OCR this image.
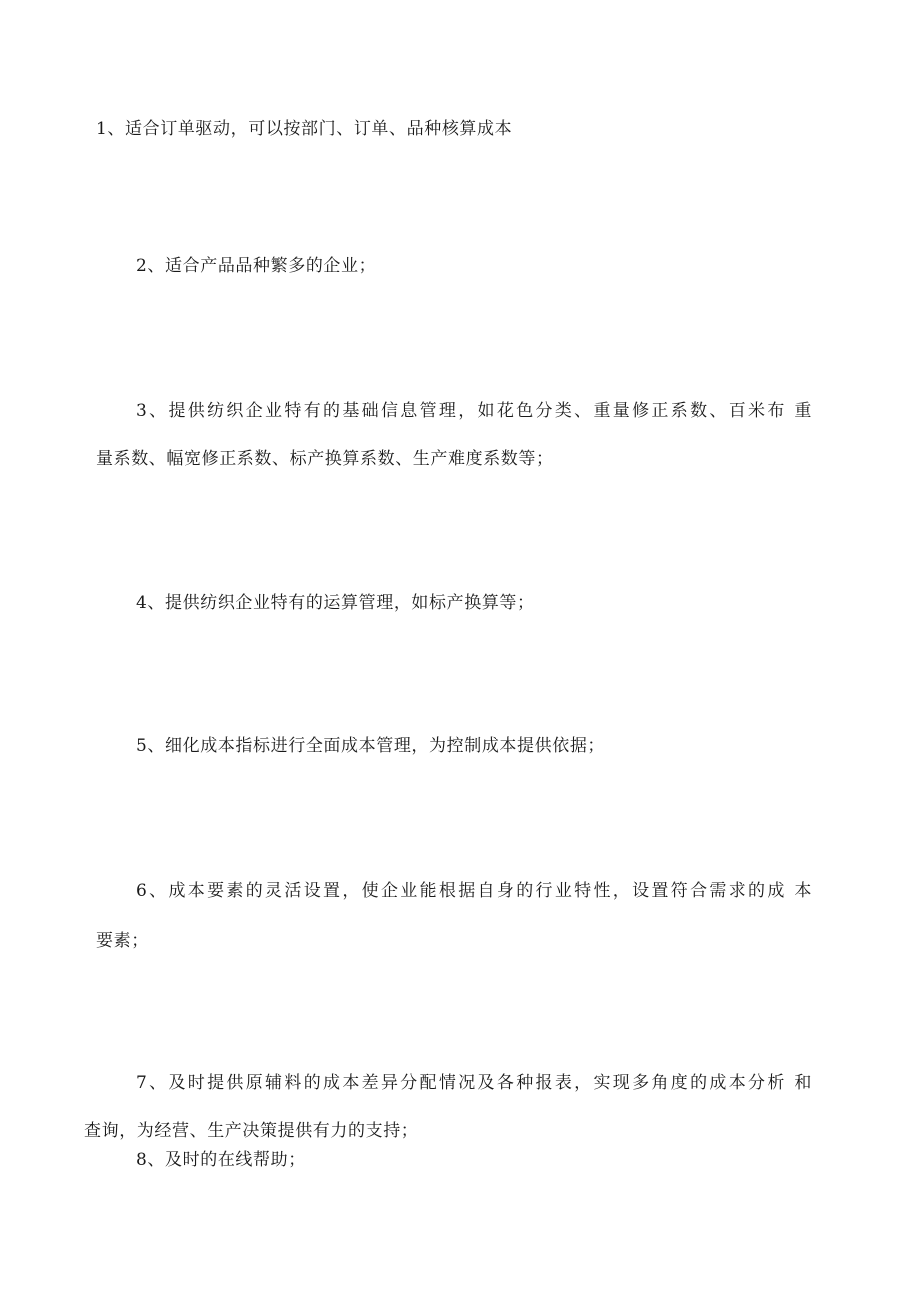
1、适合订单驱动，可以按部门、订单、品种核算成本
2、适合产品品种繁多的企业；
3、提供纺织企业特有的基础信息管理，如花色分类、重量修正系数、百米布 重
量系数、幅宽修正系数、标产换算系数、生产难度系数等；
4、提供纺织企业特有的运算管理，如标产换算等；
5、细化成本指标进行全面成本管理，为控制成本提供依据；
6、成本要素的灵活设置，使企业能根据自身的行业特性，设置符合需求的成 本
要素；
7、及时提供原辅料的成本差异分配情况及各种报表，实现多角度的成本分析 和
查询，为经营、生产决策提供有力的支持；
8、及时的在线帮助；
